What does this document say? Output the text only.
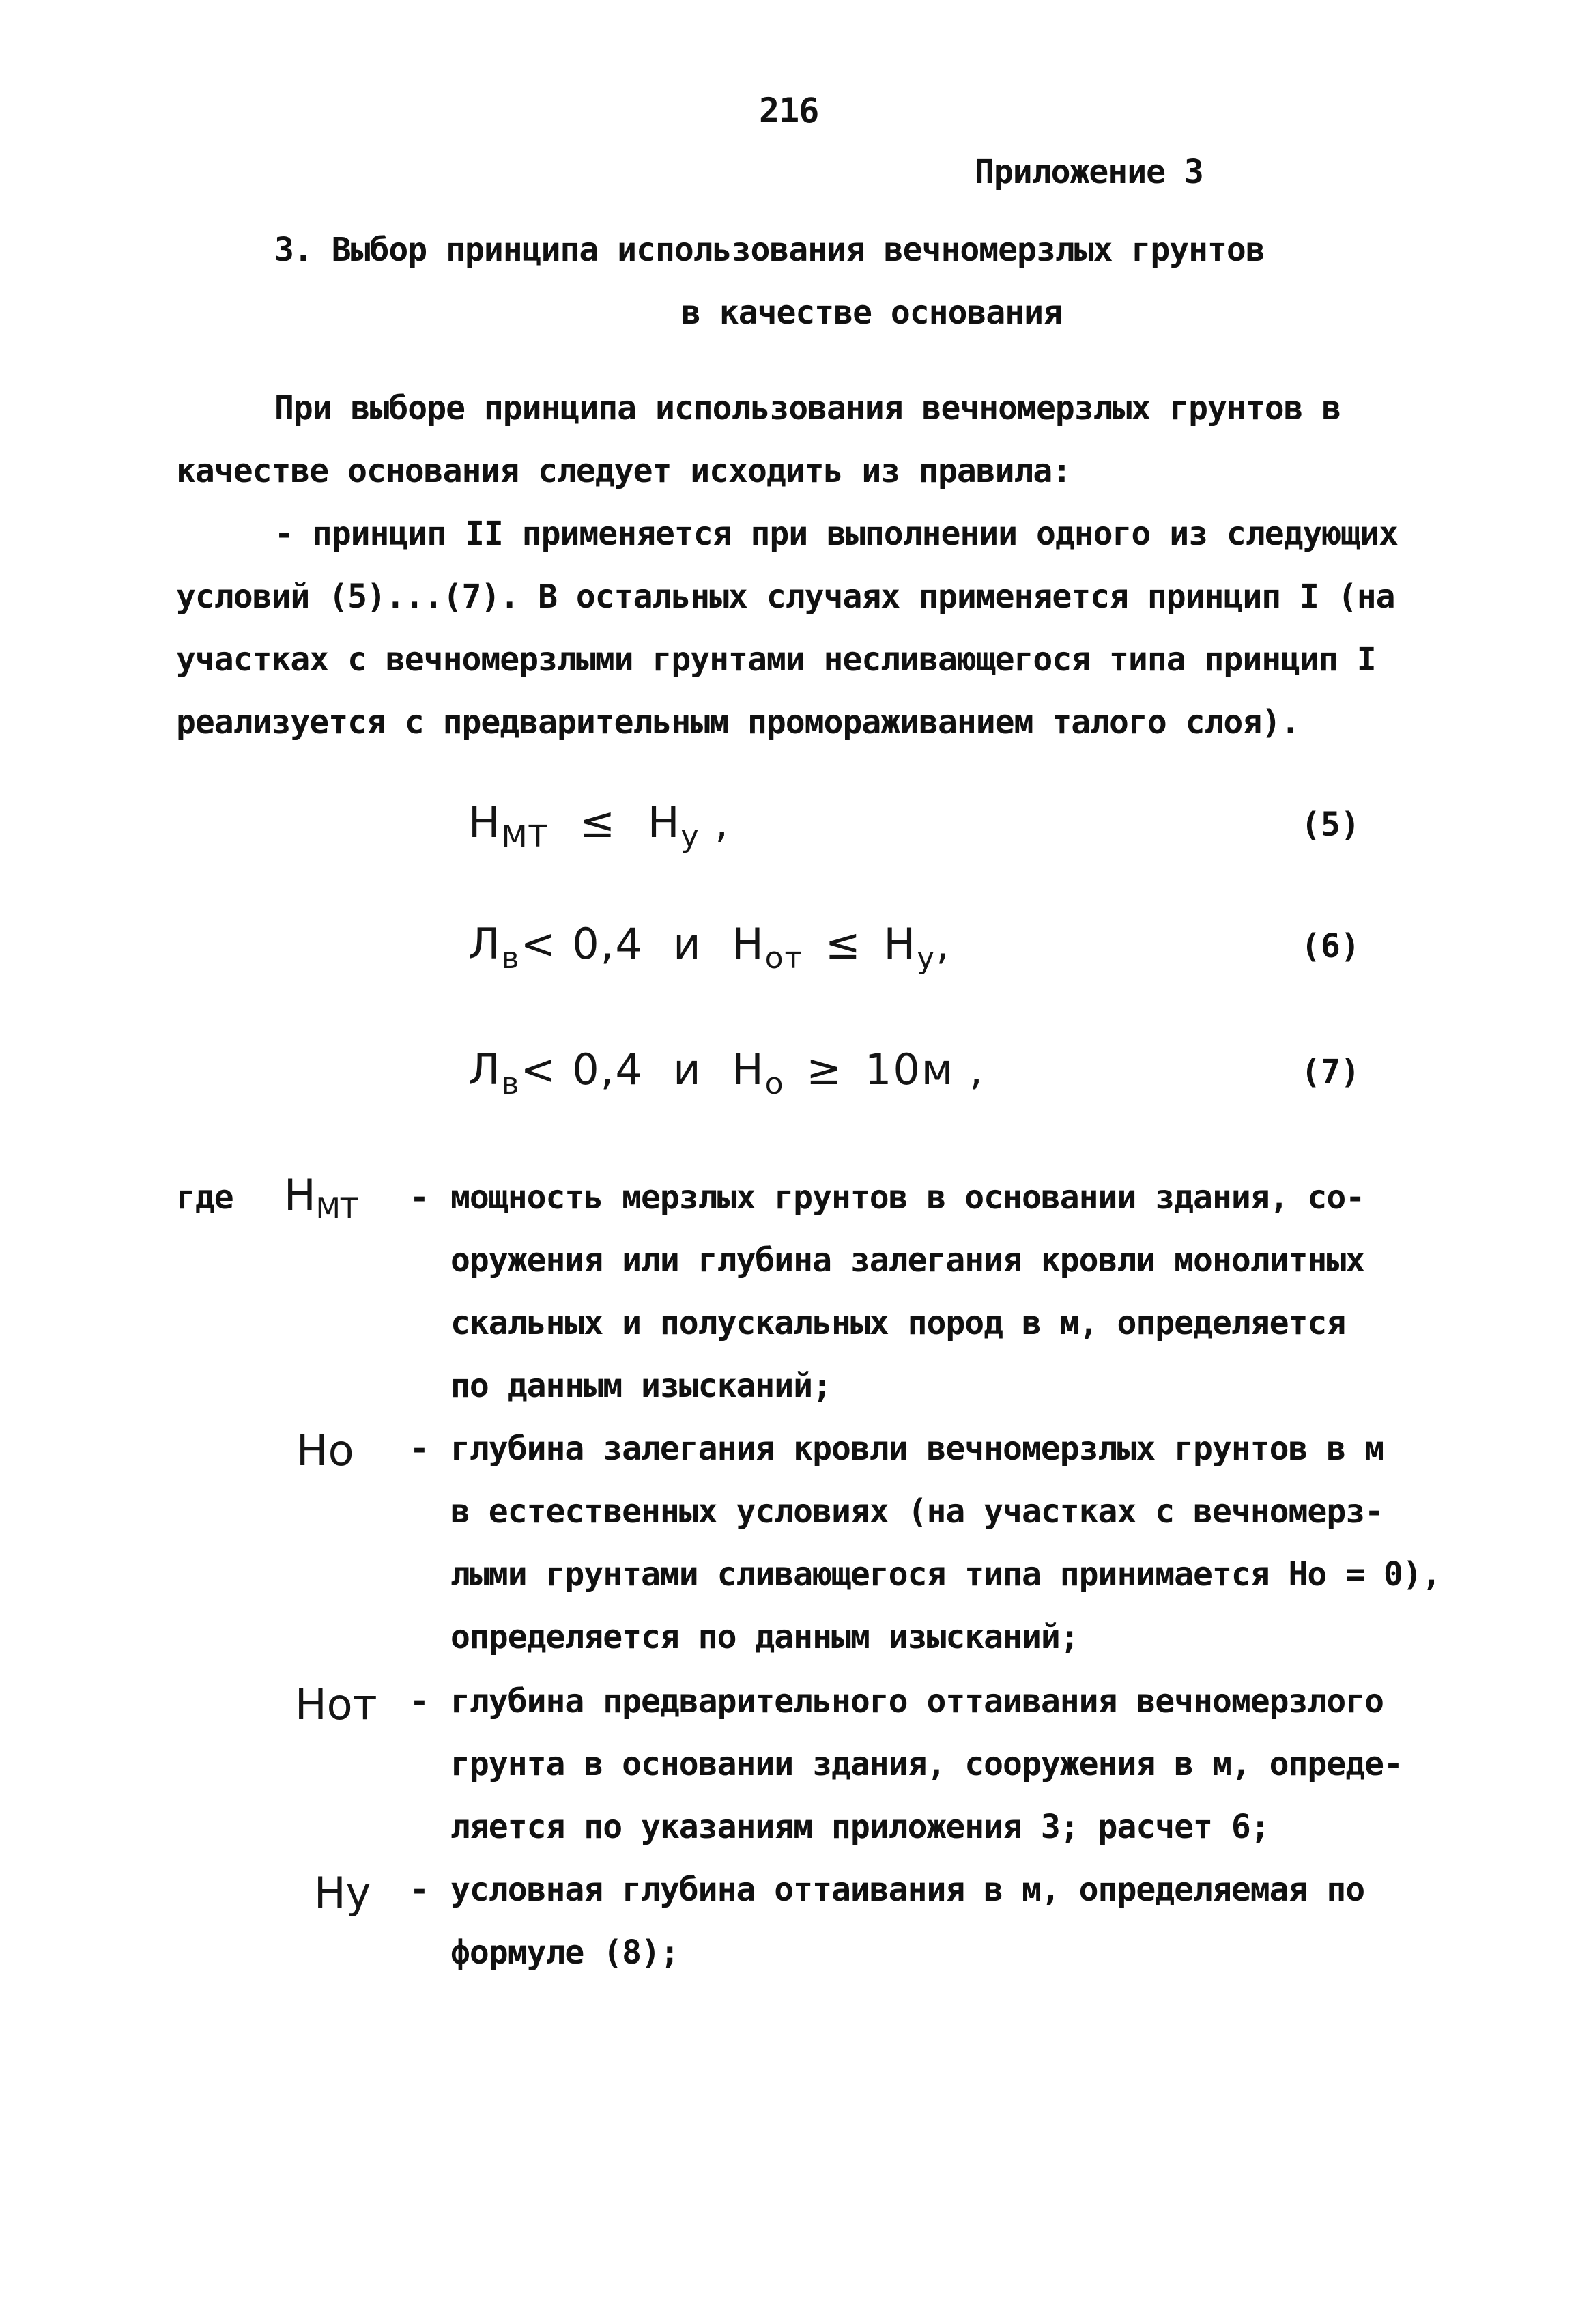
216
Приложение 3
3. Выбор принципа использования вечномерзлых грунтов
в качестве основания
При выборе принципа использования вечномерзлых грунтов в
качестве основания следует исходить из правила:
- принцип II применяется при выполнении одного из следующих
условий (5)...(7). В остальных случаях применяется принцип I (на
участках с вечномерзлыми грунтами несливающегося типа принцип I
реализуется с предварительным промораживанием талого слоя).
$H_{МТ} \le H_у$ ,	(5)
$Л_в< 0,4$  и  $H_{от} \le H_у$,	(6)
$Л_в< 0,4$  и  $H_о \ge 10м$ ,	(7)
где $H_{МТ}$ - мощность мерзлых грунтов в основании здания, со-
оружения или глубина залегания кровли монолитных
скальных и полускальных пород в м, определяется
по данным изысканий;
Ho - глубина залегания кровли вечномерзлых грунтов в м
в естественных условиях (на участках с вечномерз-
лыми грунтами сливающегося типа принимается Ho = 0),
определяется по данным изысканий;
Hот - глубина предварительного оттаивания вечномерзлого
грунта в основании здания, сооружения в м, опреде-
ляется по указаниям приложения 3; расчет 6;
Hу - условная глубина оттаивания в м, определяемая по
формуле (8);
